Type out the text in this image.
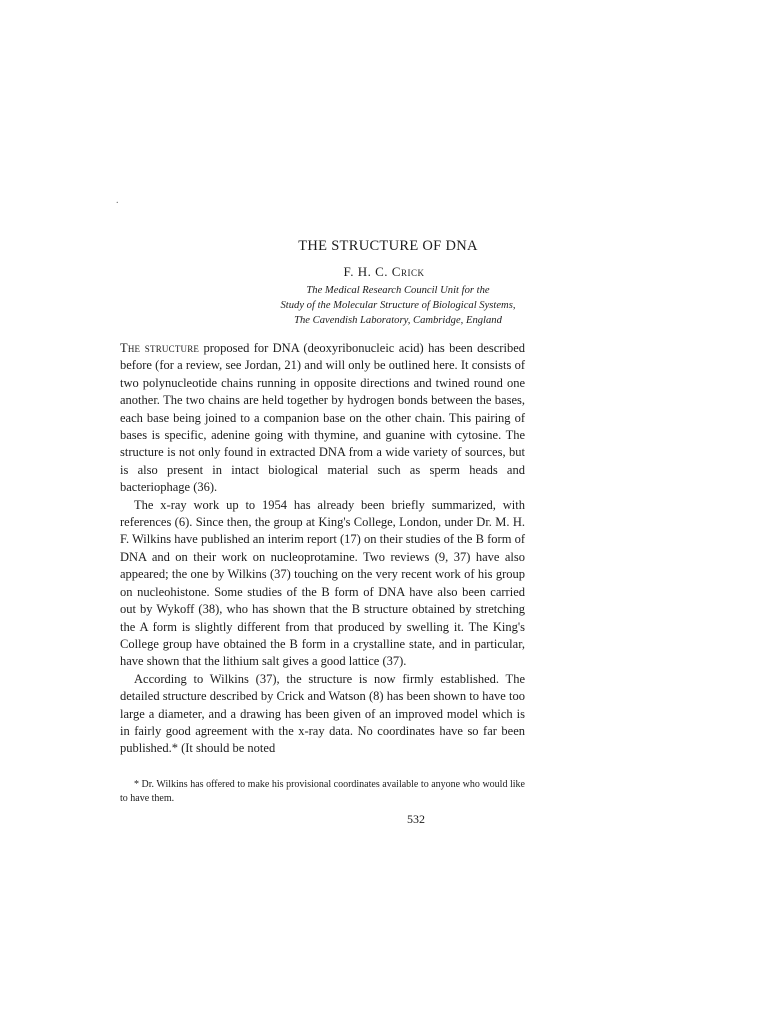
.
THE STRUCTURE OF DNA
F. H. C. Crick
The Medical Research Council Unit for the
Study of the Molecular Structure of Biological Systems,
The Cavendish Laboratory, Cambridge, England

The structure proposed for DNA (deoxyribonucleic acid) has been described before (for a review, see Jordan, 21) and will only be outlined here. It consists of two polynucleotide chains running in opposite directions and twined round one another. The two chains are held together by hydrogen bonds between the bases, each base being joined to a companion base on the other chain. This pairing of bases is specific, adenine going with thymine, and guanine with cytosine. The structure is not only found in extracted DNA from a wide variety of sources, but is also present in intact biological material such as sperm heads and bacteriophage (36).

The x-ray work up to 1954 has already been briefly summarized, with references (6). Since then, the group at King's College, London, under Dr. M. H. F. Wilkins have published an interim report (17) on their studies of the B form of DNA and on their work on nucleoprotamine. Two reviews (9, 37) have also appeared; the one by Wilkins (37) touching on the very recent work of his group on nucleohistone. Some studies of the B form of DNA have also been carried out by Wykoff (38), who has shown that the B structure obtained by stretching the A form is slightly different from that produced by swelling it. The King's College group have obtained the B form in a crystalline state, and in particular, have shown that the lithium salt gives a good lattice (37).

According to Wilkins (37), the structure is now firmly established. The detailed structure described by Crick and Watson (8) has been shown to have too large a diameter, and a drawing has been given of an improved model which is in fairly good agreement with the x-ray data. No coordinates have so far been published.* (It should be noted

* Dr. Wilkins has offered to make his provisional coordinates available to anyone who would like to have them.
532
